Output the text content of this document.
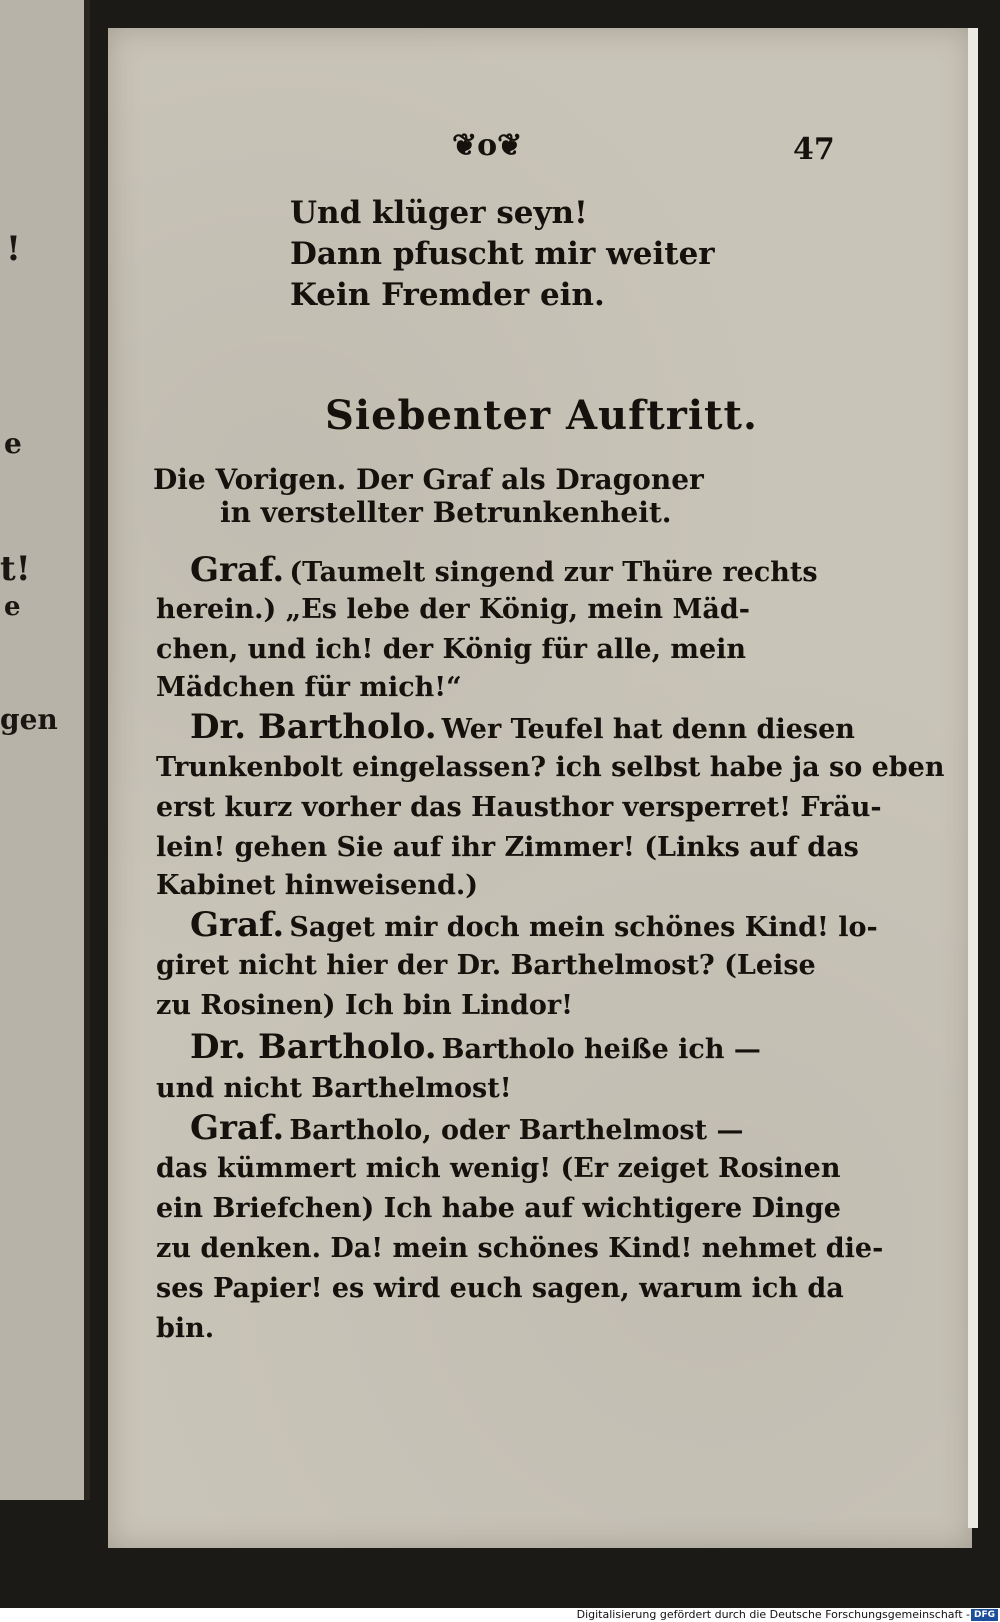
!
e
t!
e
gen
❦o❦	47
Und klüger seyn!
Dann pfuscht mir weiter
Kein Fremder ein.
Siebenter Auftritt.
Die Vorigen. Der Graf als Dragoner
in verstellter Betrunkenheit.
Graf. (Taumelt singend zur Thüre rechts
herein.) „Es lebe der König, mein Mäd-
chen, und ich! der König für alle, mein
Mädchen für mich!“
Dr. Bartholo. Wer Teufel hat denn diesen
Trunkenbolt eingelassen? ich selbst habe ja so eben
erst kurz vorher das Hausthor versperret! Fräu-
lein! gehen Sie auf ihr Zimmer! (Links auf das
Kabinet hinweisend.)
Graf. Saget mir doch mein schönes Kind! lo-
giret nicht hier der Dr. Barthelmost? (Leise
zu Rosinen) Ich bin Lindor!
Dr. Bartholo. Bartholo heiße ich —
und nicht Barthelmost!
Graf. Bartholo, oder Barthelmost —
das kümmert mich wenig! (Er zeiget Rosinen
ein Briefchen) Ich habe auf wichtigere Dinge
zu denken. Da! mein schönes Kind! nehmet die-
ses Papier! es wird euch sagen, warum ich da
bin.
Digitalisierung gefördert durch die Deutsche Forschungsgemeinschaft - DFG
